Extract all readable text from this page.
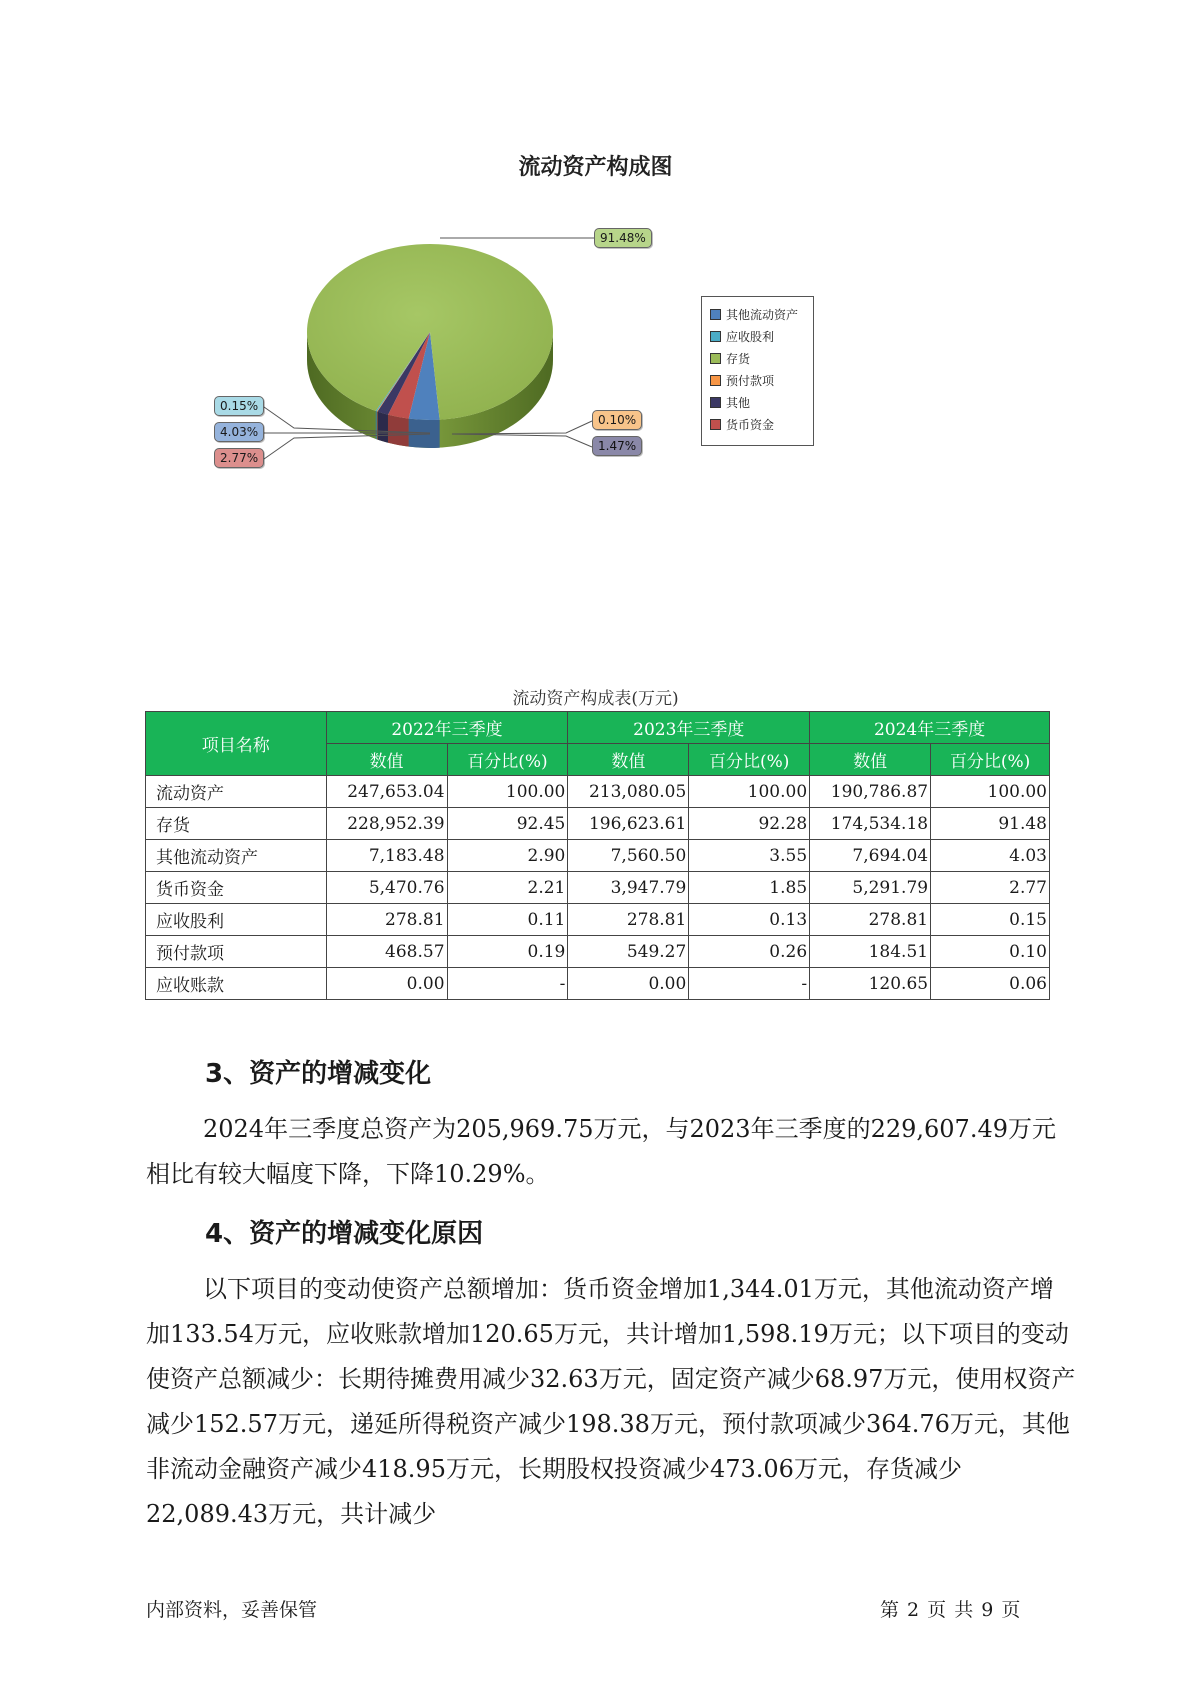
流动资产构成图
其他流动资产
应收股利
存货
预付款项
其他
货币资金
91.48%
0.15%
4.03%
2.77%
0.10%
1.47%
流动资产构成表(万元)
项目名称	2022年三季度		2023年三季度		2024年三季度	
	数值	百分比(%)	数值	百分比(%)	数值	百分比(%)
流动资产	247,653.04	100.00	213,080.05	100.00	190,786.87	100.00
存货	228,952.39	92.45	196,623.61	92.28	174,534.18	91.48
其他流动资产	7,183.48	2.90	7,560.50	3.55	7,694.04	4.03
货币资金	5,470.76	2.21	3,947.79	1.85	5,291.79	2.77
应收股利	278.81	0.11	278.81	0.13	278.81	0.15
预付款项	468.57	0.19	549.27	0.26	184.51	0.10
应收账款	0.00	-	0.00	-	120.65	0.06
3、资产的增减变化
2024年三季度总资产为205,969.75万元，与2023年三季度的229,607.49万元相比有较大幅度下降，下降10.29%。
4、资产的增减变化原因
以下项目的变动使资产总额增加：货币资金增加1,344.01万元，其他流动资产增加133.54万元，应收账款增加120.65万元，共计增加1,598.19万元；以下项目的变动使资产总额减少：长期待摊费用减少32.63万元，固定资产减少68.97万元，使用权资产减少152.57万元，递延所得税资产减少198.38万元，预付款项减少364.76万元，其他非流动金融资产减少418.95万元，长期股权投资减少473.06万元，存货减少22,089.43万元，共计减少
内部资料，妥善保管	第 2 页 共 9 页
